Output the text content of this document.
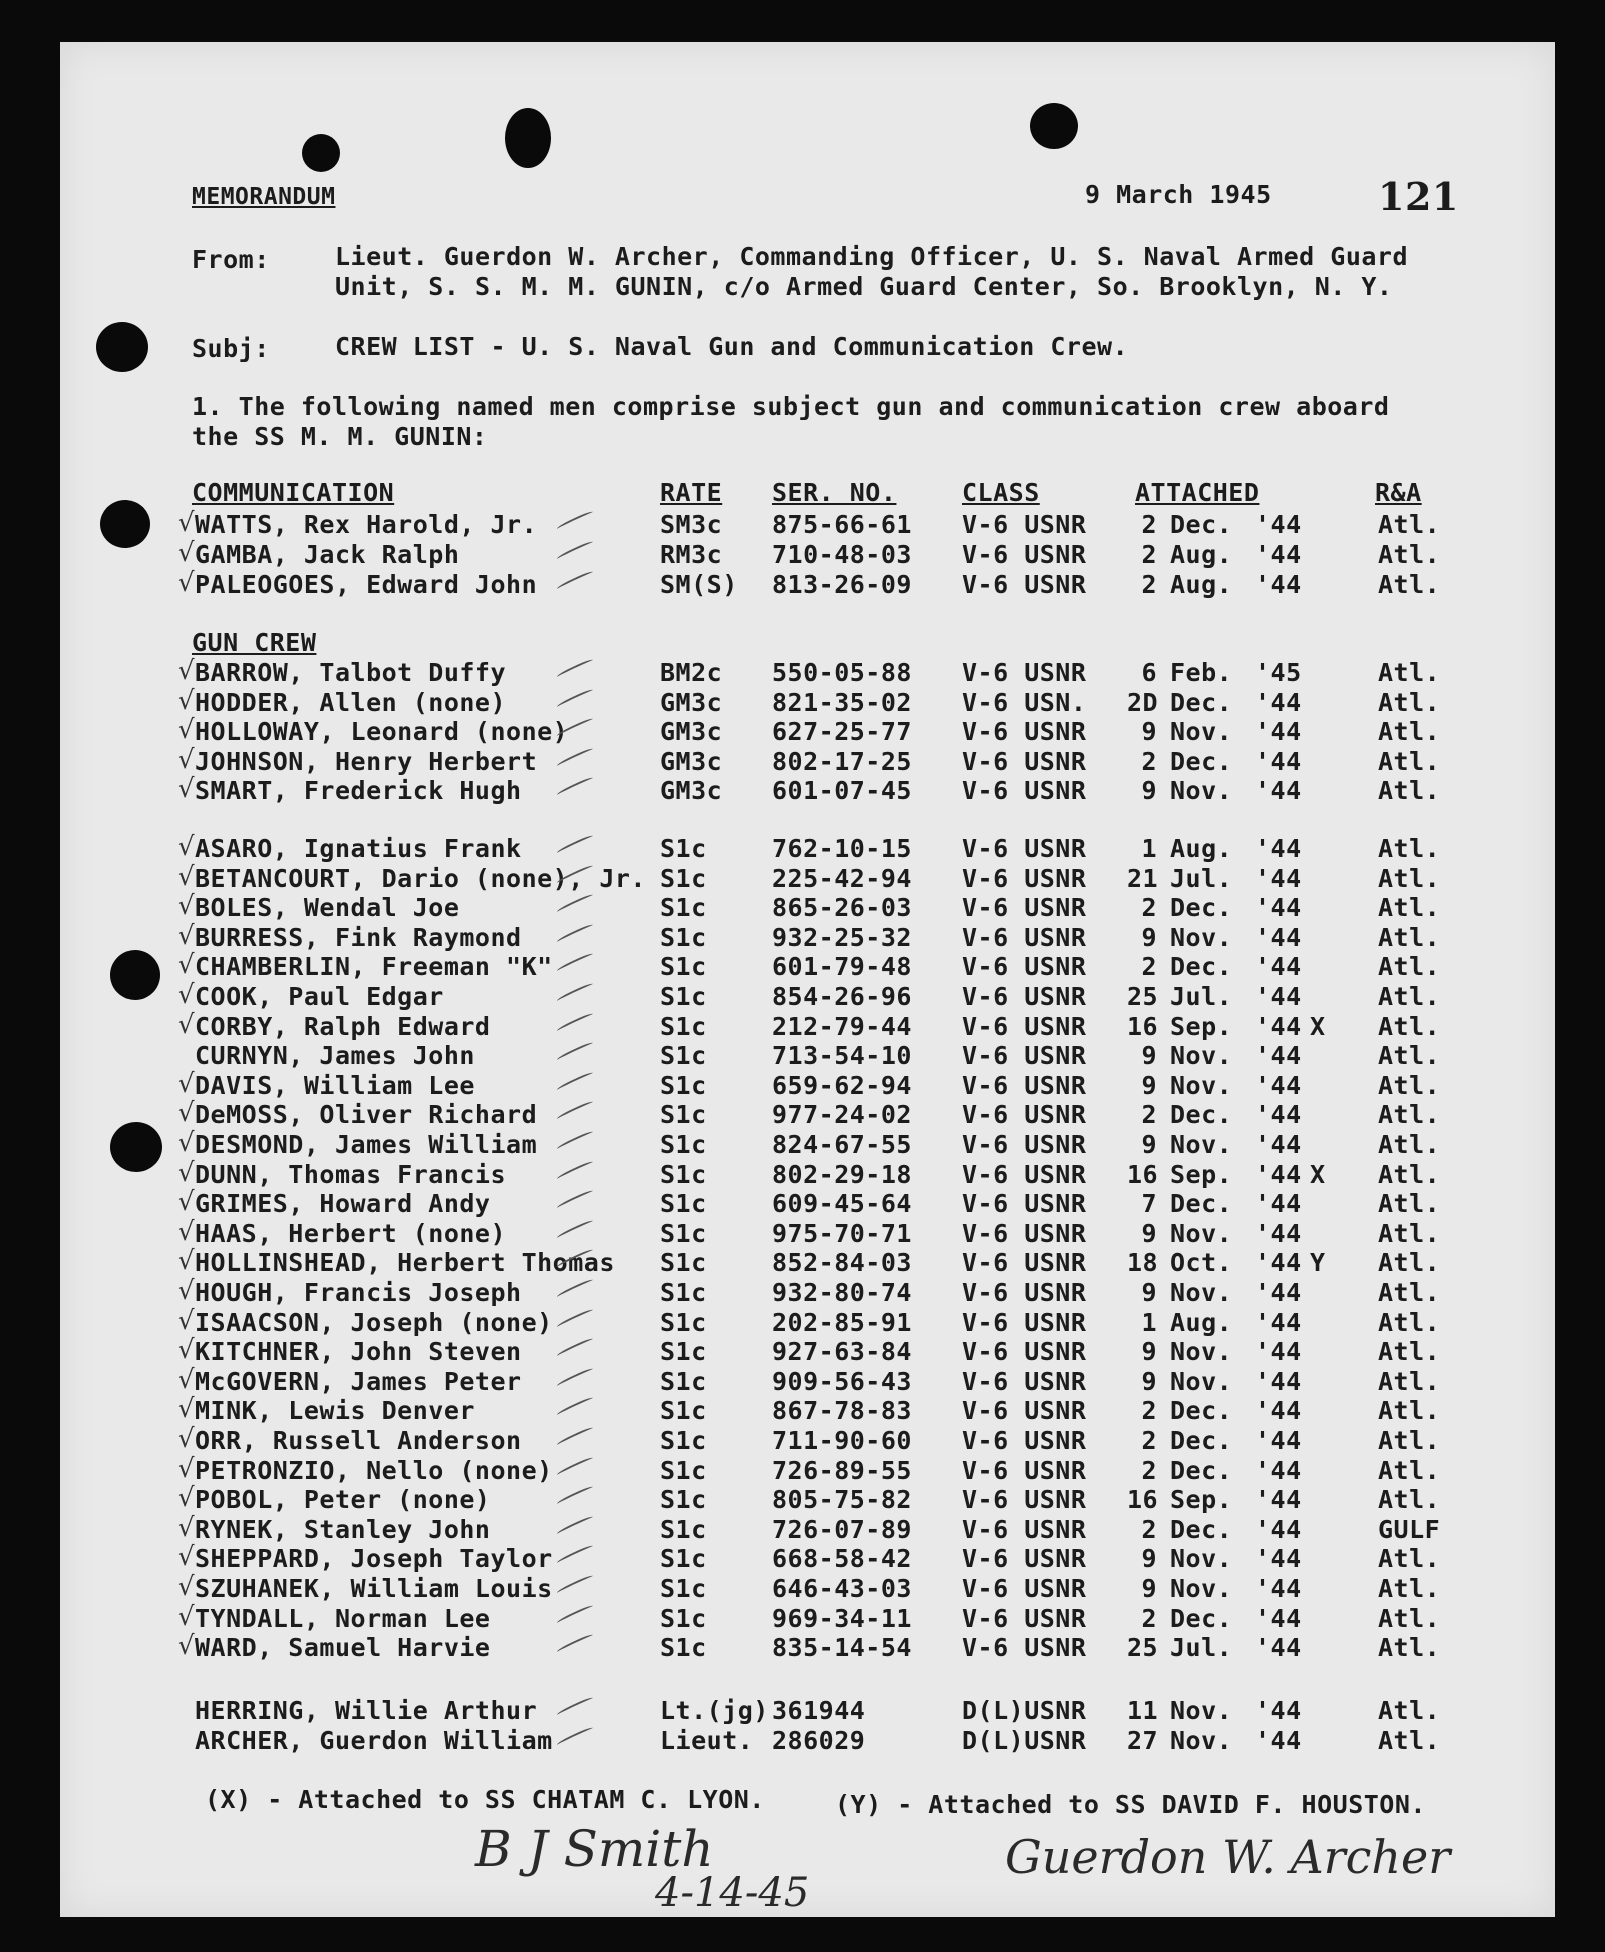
MEMORANDUM	9 March 1945	121
From:	Lieut. Guerdon W. Archer, Commanding Officer, U. S. Naval Armed Guard
Unit, S. S. M. M. GUNIN, c/o Armed Guard Center, So. Brooklyn, N. Y.
Subj:	CREW LIST - U. S. Naval Gun and Communication Crew.
1. The following named men comprise subject gun and communication crew aboard
the SS M. M. GUNIN:
COMMUNICATION	RATE SER. NO.	CLASS	ATTACHED	R&A
√ WATTS, Rex Harold, Jr.	SM3c 875-66-61 V-6 USNR	2 Dec. '44	Atl.
√ GAMBA, Jack Ralph	RM3c 710-48-03 V-6 USNR	2 Aug. '44	Atl.
√ PALEOGOES, Edward John	SM(S) 813-26-09 V-6 USNR	2 Aug. '44	Atl.
GUN CREW
√ BARROW, Talbot Duffy	BM2c 550-05-88 V-6 USNR	6 Feb. '45	Atl.
√ HODDER, Allen (none)	GM3c 821-35-02 V-6 USN. 2D Dec. '44	Atl.
√ HOLLOWAY, Leonard (none)	GM3c 627-25-77 V-6 USNR	9 Nov. '44	Atl.
√ JOHNSON, Henry Herbert	GM3c 802-17-25 V-6 USNR	2 Dec. '44	Atl.
√ SMART, Frederick Hugh	GM3c 601-07-45 V-6 USNR	9 Nov. '44	Atl.
√ ASARO, Ignatius Frank	S1c	762-10-15 V-6 USNR	1 Aug. '44	Atl.
√ BETANCOURT, Dario (none), Jr. S1c	225-42-94 V-6 USNR 21 Jul. '44	Atl.
√ BOLES, Wendal Joe	S1c	865-26-03 V-6 USNR	2 Dec. '44	Atl.
√ BURRESS, Fink Raymond	S1c	932-25-32 V-6 USNR	9 Nov. '44	Atl.
√ CHAMBERLIN, Freeman "K"	S1c	601-79-48 V-6 USNR	2 Dec. '44	Atl.
√ COOK, Paul Edgar	S1c	854-26-96 V-6 USNR 25 Jul. '44	Atl.
√ CORBY, Ralph Edward	S1c	212-79-44 V-6 USNR 16 Sep. '44 X Atl.
CURNYN, James John	S1c	713-54-10 V-6 USNR	9 Nov. '44	Atl.
√ DAVIS, William Lee	S1c	659-62-94 V-6 USNR	9 Nov. '44	Atl.
√ DeMOSS, Oliver Richard	S1c	977-24-02 V-6 USNR	2 Dec. '44	Atl.
√ DESMOND, James William	S1c	824-67-55 V-6 USNR	9 Nov. '44	Atl.
√ DUNN, Thomas Francis	S1c	802-29-18 V-6 USNR 16 Sep. '44 X Atl.
√ GRIMES, Howard Andy	S1c	609-45-64 V-6 USNR	7 Dec. '44	Atl.
√ HAAS, Herbert (none)	S1c	975-70-71 V-6 USNR	9 Nov. '44	Atl.
√ HOLLINSHEAD, Herbert Thomas S1c	852-84-03 V-6 USNR 18 Oct. '44 Y Atl.
√ HOUGH, Francis Joseph	S1c	932-80-74 V-6 USNR	9 Nov. '44	Atl.
√ ISAACSON, Joseph (none)	S1c	202-85-91 V-6 USNR	1 Aug. '44	Atl.
√ KITCHNER, John Steven	S1c	927-63-84 V-6 USNR	9 Nov. '44	Atl.
√ McGOVERN, James Peter	S1c	909-56-43 V-6 USNR	9 Nov. '44	Atl.
√ MINK, Lewis Denver	S1c	867-78-83 V-6 USNR	2 Dec. '44	Atl.
√ ORR, Russell Anderson	S1c	711-90-60 V-6 USNR	2 Dec. '44	Atl.
√ PETRONZIO, Nello (none)	S1c	726-89-55 V-6 USNR	2 Dec. '44	Atl.
√ POBOL, Peter (none)	S1c	805-75-82 V-6 USNR 16 Sep. '44	Atl.
√ RYNEK, Stanley John	S1c	726-07-89 V-6 USNR	2 Dec. '44	GULF
√ SHEPPARD, Joseph Taylor	S1c	668-58-42 V-6 USNR	9 Nov. '44	Atl.
√ SZUHANEK, William Louis	S1c	646-43-03 V-6 USNR	9 Nov. '44	Atl.
√ TYNDALL, Norman Lee	S1c	969-34-11 V-6 USNR	2 Dec. '44	Atl.
√ WARD, Samuel Harvie	S1c	835-14-54 V-6 USNR 25 Jul. '44	Atl.
HERRING, Willie Arthur	Lt.(jg) 361944	D(L)USNR 11 Nov. '44	Atl.
ARCHER, Guerdon William	Lieut. 286029	D(L)USNR 27 Nov. '44	Atl.
(X) - Attached to SS CHATAM C. LYON.	(Y) - Attached to SS DAVID F. HOUSTON.
B J Smith
4-14-45
Guerdon W. Archer
